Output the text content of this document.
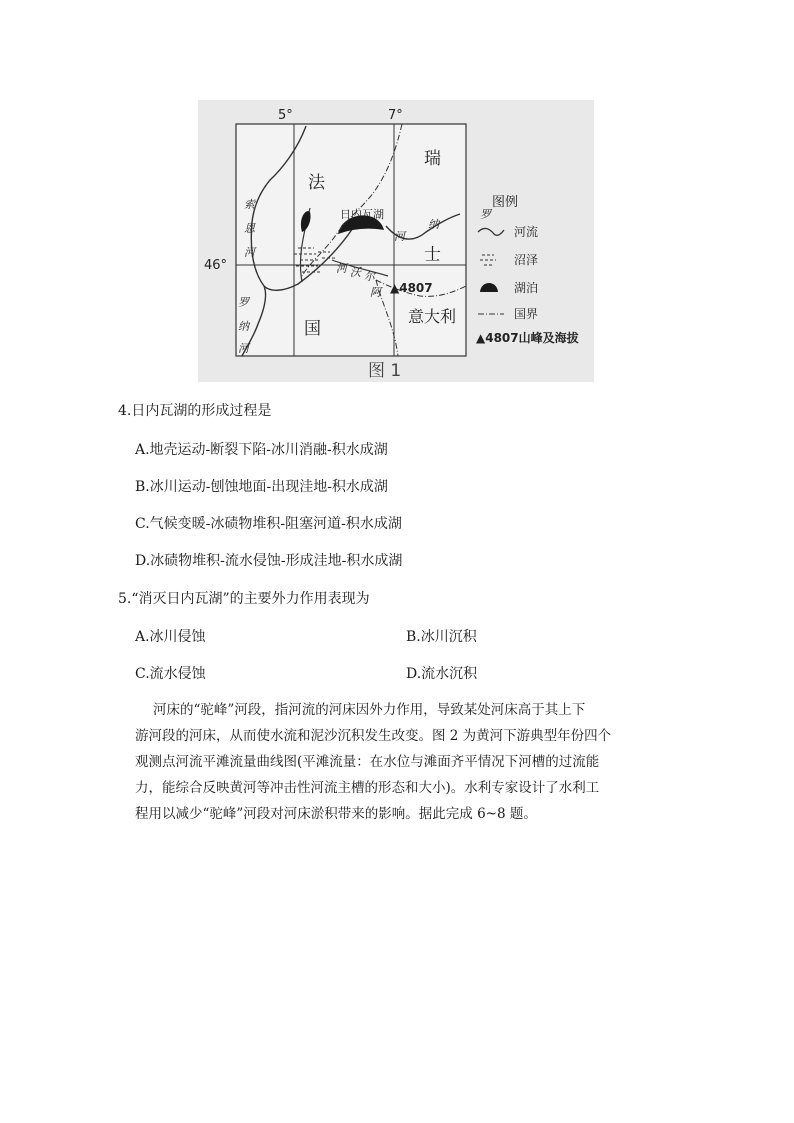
5°	7°
46°
▲4807
瑞
法
士
国
意大利
日内瓦湖
索
恩
河
罗
纳
河
罗
纳
河
河 沃 尔
阿
图例
河流
沼泽
湖泊
国界
▲4807山峰及海拔
图 1
4.日内瓦湖的形成过程是
A.地壳运动-断裂下陷-冰川消融-积水成湖
B.冰川运动-刨蚀地面-出现洼地-积水成湖
C.气候变暖-冰碛物堆积-阻塞河道-积水成湖
D.冰碛物堆积-流水侵蚀-形成洼地-积水成湖
5.“消灭日内瓦湖”的主要外力作用表现为
A.冰川侵蚀	B.冰川沉积
C.流水侵蚀	D.流水沉积
河床的“驼峰”河段，指河流的河床因外力作用，导致某处河床高于其上下
游河段的河床，从而使水流和泥沙沉积发生改变。图 2 为黄河下游典型年份四个
观测点河流平滩流量曲线图(平滩流量：在水位与滩面齐平情况下河槽的过流能
力，能综合反映黄河等冲击性河流主槽的形态和大小)。水利专家设计了水利工
程用以减少“驼峰”河段对河床淤积带来的影响。据此完成 6~8 题。
